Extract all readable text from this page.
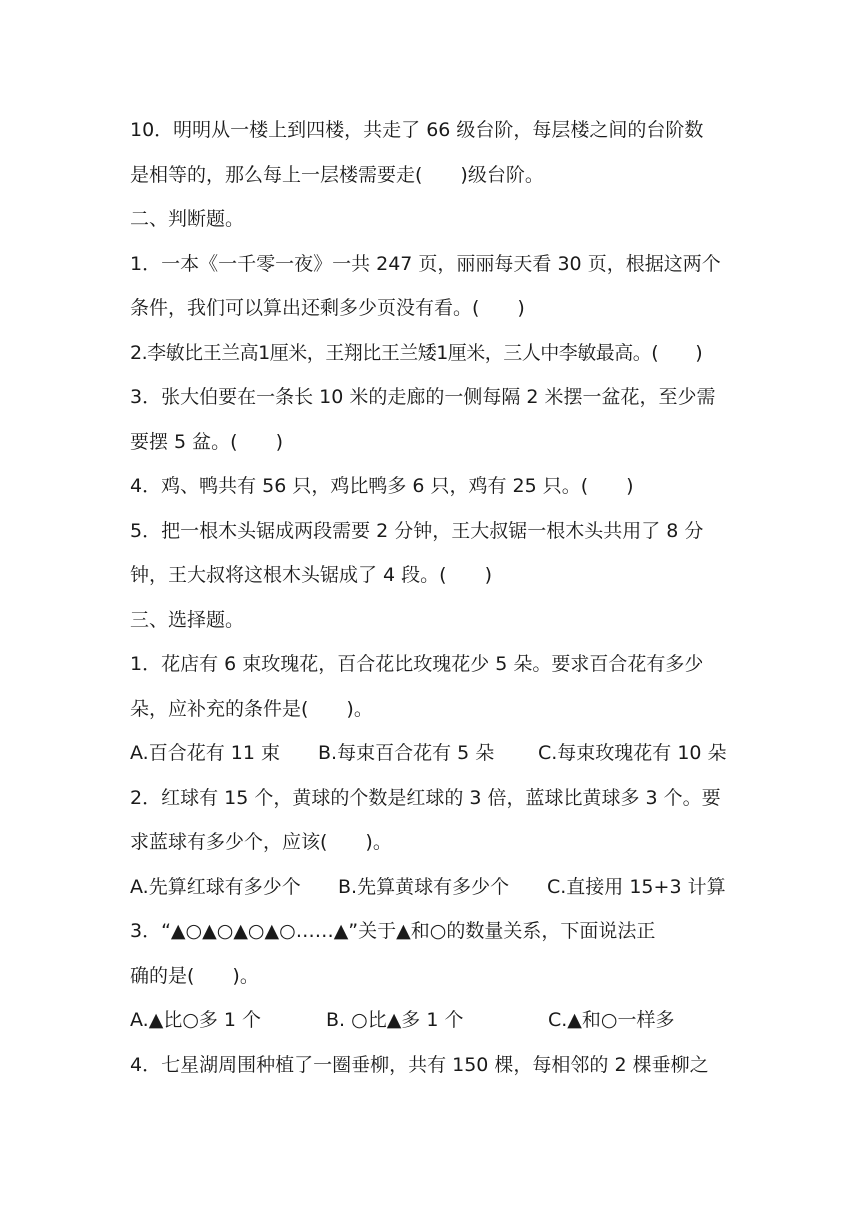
10．明明从一楼上到四楼，共走了 66 级台阶，每层楼之间的台阶数

是相等的，那么每上一层楼需要走(　　)级台阶。

二、判断题。

1．一本《一千零一夜》一共 247 页，丽丽每天看 30 页，根据这两个

条件，我们可以算出还剩多少页没有看。(　　)

2.李敏比王兰高1厘米，王翔比王兰矮1厘米，三人中李敏最高。(　　)

3．张大伯要在一条长 10 米的走廊的一侧每隔 2 米摆一盆花，至少需

要摆 5 盆。(　　)

4．鸡、鸭共有 56 只，鸡比鸭多 6 只，鸡有 25 只。(　　)

5．把一根木头锯成两段需要 2 分钟，王大叔锯一根木头共用了 8 分

钟，王大叔将这根木头锯成了 4 段。(　　)

三、选择题。

1．花店有 6 束玫瑰花，百合花比玫瑰花少 5 朵。要求百合花有多少

朵，应补充的条件是(　　)。

A.百合花有 11 束	B.每束百合花有 5 朵	C.每束玫瑰花有 10 朵

2．红球有 15 个，黄球的个数是红球的 3 倍，蓝球比黄球多 3 个。要

求蓝球有多少个，应该(　　)。

A.先算红球有多少个	B.先算黄球有多少个	C.直接用 15+3 计算

3．“▲○▲○▲○▲○……▲”关于▲和○的数量关系，下面说法正

确的是(　　)。

A.▲比○多 1 个	B. ○比▲多 1 个	C.▲和○一样多

4．七星湖周围种植了一圈垂柳，共有 150 棵，每相邻的 2 棵垂柳之
